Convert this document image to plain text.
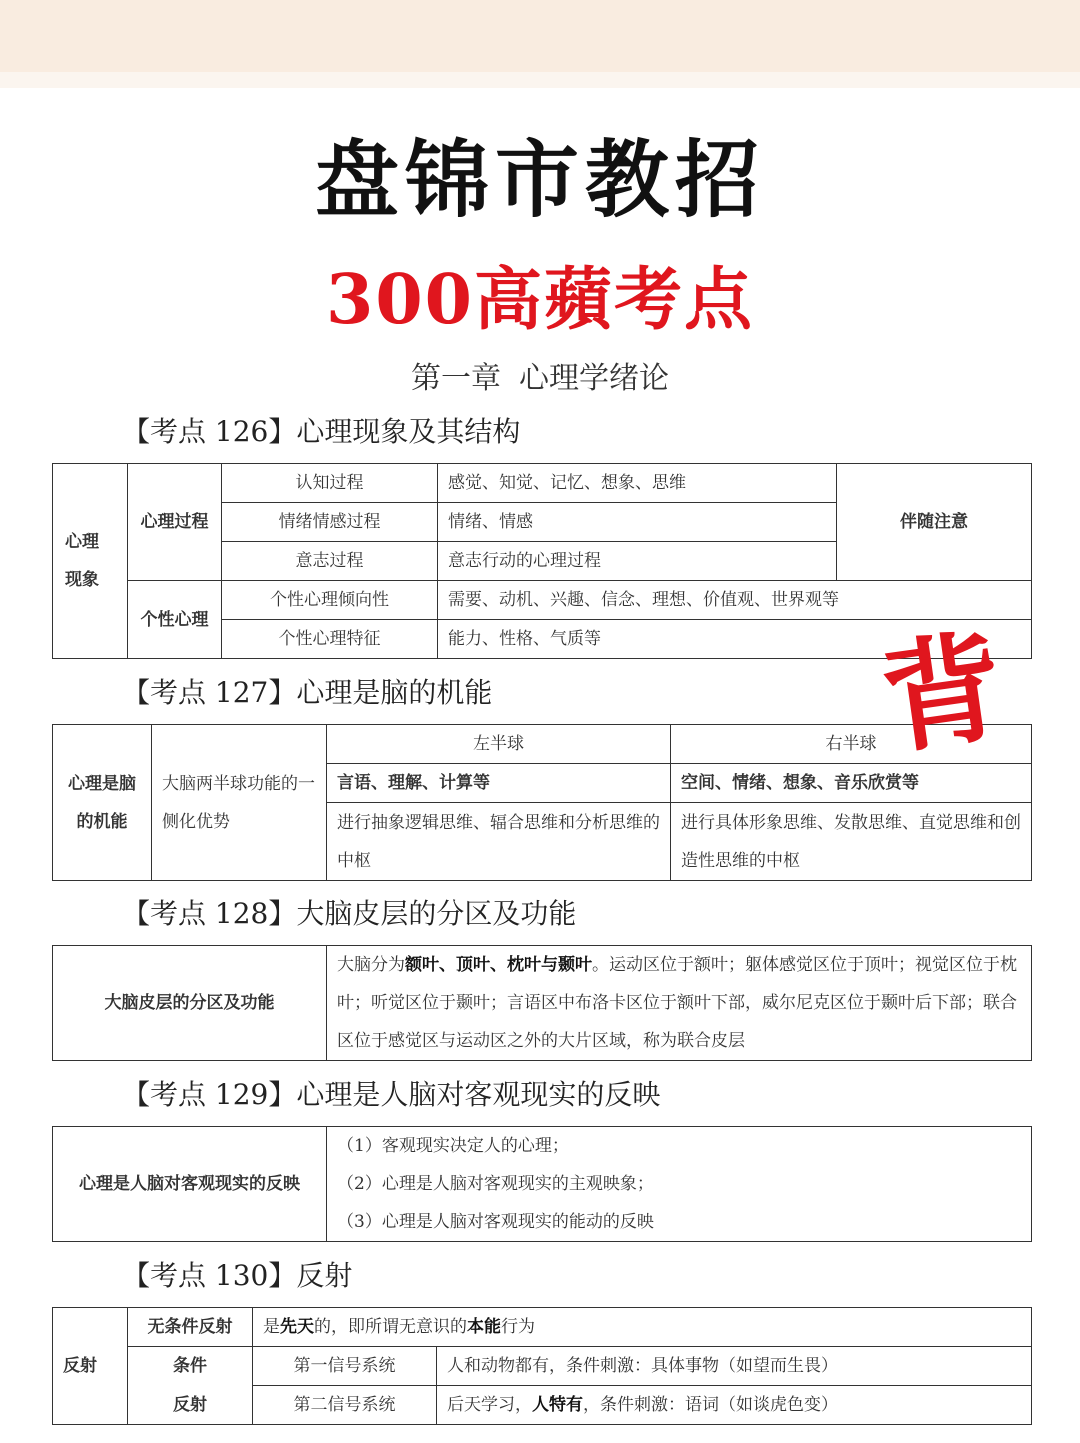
盘锦市教招
300高蘋考点
第一章 心理学绪论
【考点 126】心理现象及其结构
心理现象	心理过程	认知过程	感觉、知觉、记忆、想象、思维	伴随注意
		情绪情感过程	情绪、情感	
		意志过程	意志行动的心理过程	
	个性心理	个性心理倾向性	需要、动机、兴趣、信念、理想、价值观、世界观等	
		个性心理特征	能力、性格、气质等	
【考点 127】心理是脑的机能
心理是脑的机能	大脑两半球功能的一侧化优势	左半球	右半球
		言语、理解、计算等	空间、情绪、想象、音乐欣赏等
		进行抽象逻辑思维、辐合思维和分析思维的中枢	进行具体形象思维、发散思维、直觉思维和创造性思维的中枢
背
【考点 128】大脑皮层的分区及功能
大脑皮层的分区及功能	大脑分为额叶、顶叶、枕叶与颞叶。运动区位于额叶；躯体感觉区位于顶叶；视觉区位于枕叶；听觉区位于颞叶；言语区中布洛卡区位于额叶下部，威尔尼克区位于颞叶后下部；联合区位于感觉区与运动区之外的大片区域，称为联合皮层
【考点 129】心理是人脑对客观现实的反映
心理是人脑对客观现实的反映	（1）客观现实决定人的心理；
（2）心理是人脑对客观现实的主观映象；
（3）心理是人脑对客观现实的能动的反映
【考点 130】反射
反射	无条件反射	是先天的，即所谓无意识的本能行为	
	条件	第一信号系统	人和动物都有，条件刺激：具体事物（如望而生畏）
	反射	第二信号系统	后天学习，人特有，条件刺激：语词（如谈虎色变）
